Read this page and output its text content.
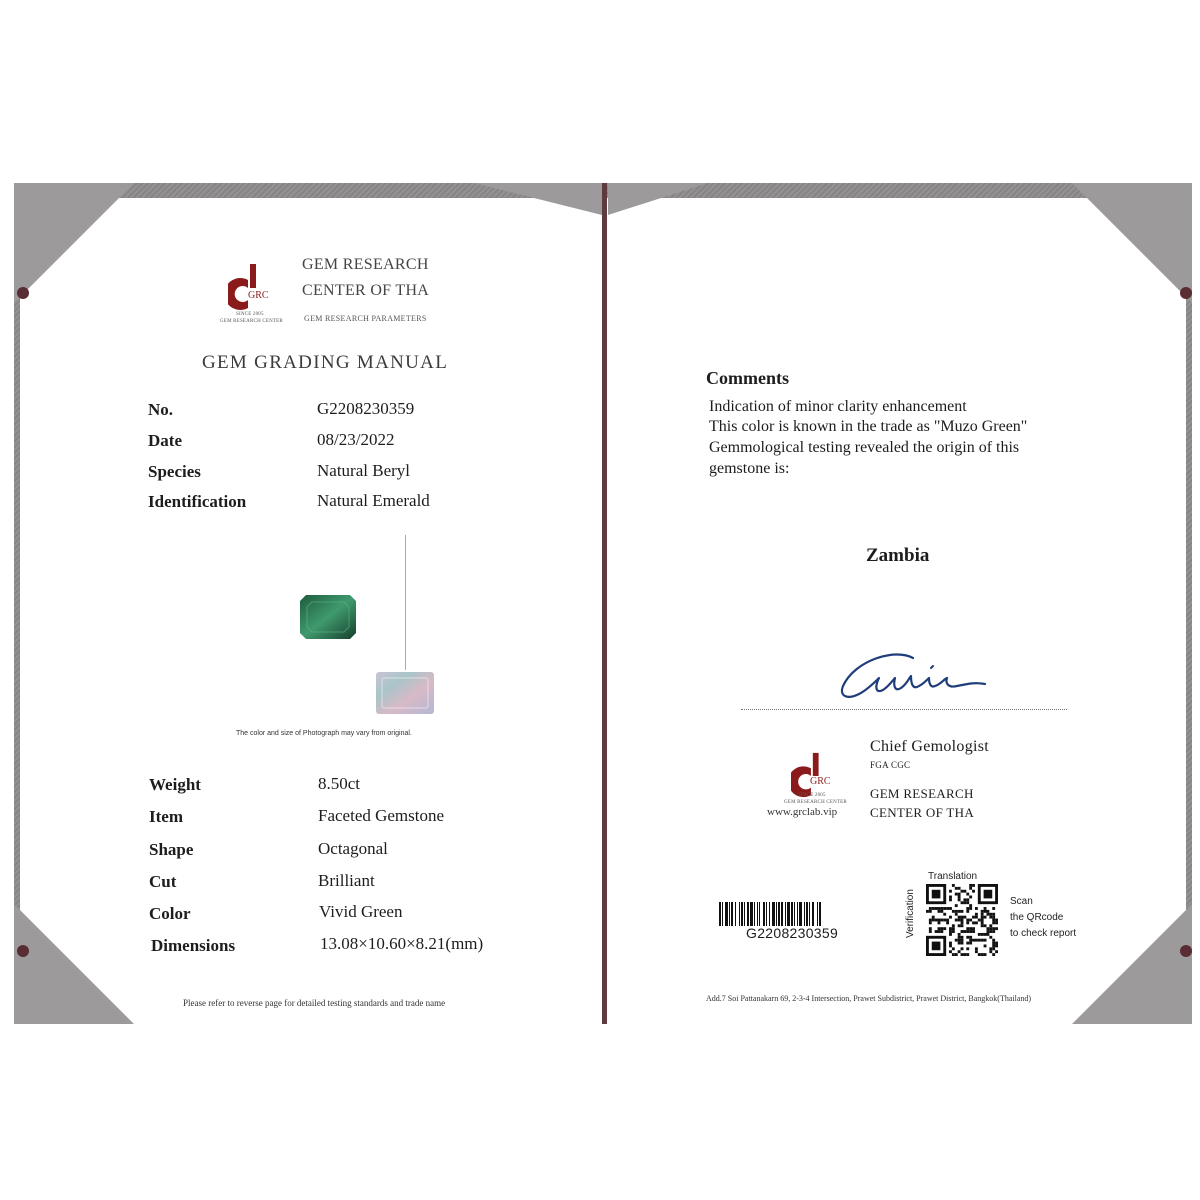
GRC
SINCE 2005
GEM RESEARCH CENTER
GEM RESEARCH
CENTER OF THA
GEM RESEARCH PARAMETERS
GEM GRADING MANUAL
No.	G2208230359
Date	08/23/2022
Species	Natural Beryl
Identification	Natural Emerald
The color and size of Photograph may vary from original.
Weight	8.50ct
Item	Faceted Gemstone
Shape	Octagonal
Cut	Brilliant
Color	Vivid Green
Dimensions	13.08×10.60×8.21(mm)
Please refer to reverse page for detailed testing standards and trade name
Comments
Indication of minor clarity enhancement
This color is known in the trade as "Muzo Green"
Gemmological testing revealed the origin of this
gemstone is:
Zambia
GRC
SINCE 2005
GEM RESEARCH CENTER
www.grclab.vip
Chief Gemologist
FGA CGC
GEM RESEARCH
CENTER OF THA
G2208230359
Translation
Verification	Scan
the QRcode
to check report
Add.7 Soi Pattanakarn 69, 2-3-4 Intersection, Prawet Subdistrict, Prawet District, Bangkok(Thailand)
